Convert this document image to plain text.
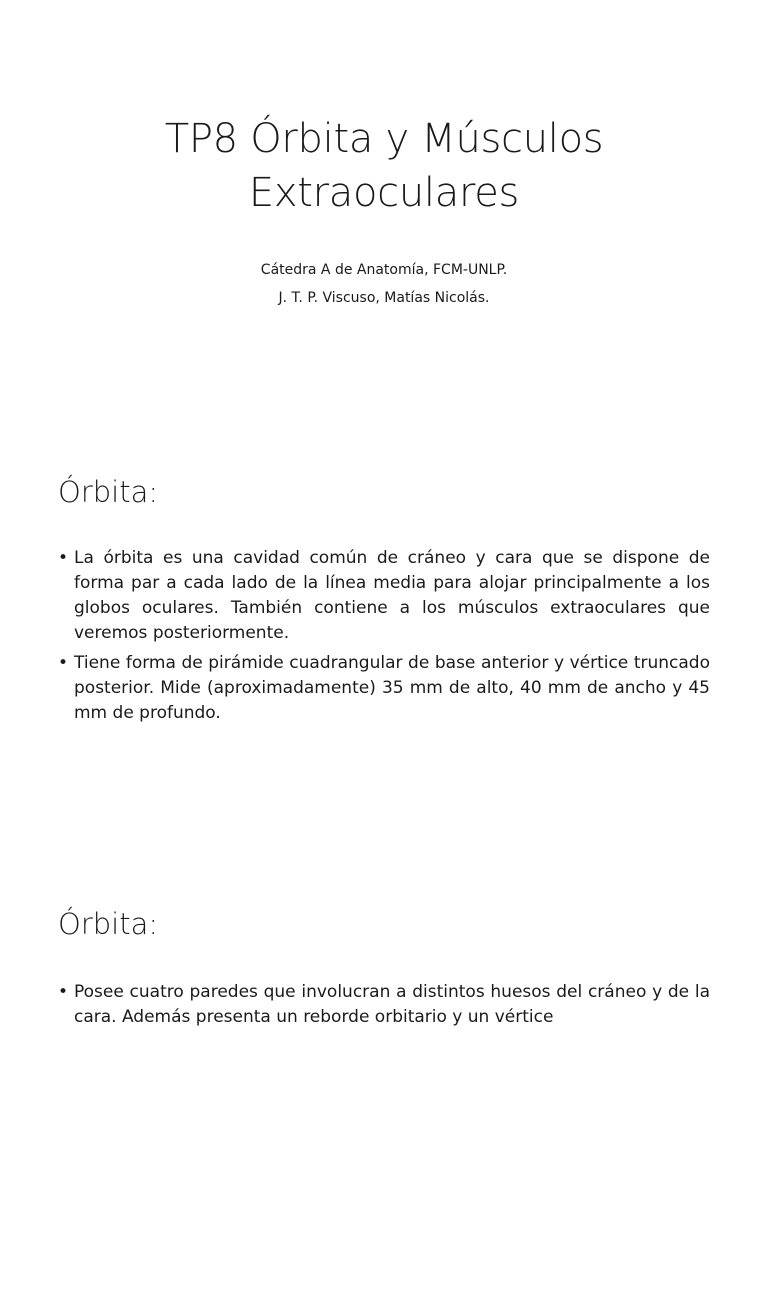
TP8 Órbita y Músculos
Extraoculares
Cátedra A de Anatomía, FCM-UNLP.
J. T. P. Viscuso, Matías Nicolás.
Órbita:
• La órbita es una cavidad común de cráneo y cara que se dispone de forma par a cada lado de la línea media para alojar principalmente a los globos oculares. También contiene a los músculos extraoculares que veremos posteriormente.
• Tiene forma de pirámide cuadrangular de base anterior y vértice truncado posterior. Mide (aproximadamente) 35 mm de alto, 40 mm de ancho y 45 mm de profundo.
Órbita:
• Posee cuatro paredes que involucran a distintos huesos del cráneo y de la cara. Además presenta un reborde orbitario y un vértice
